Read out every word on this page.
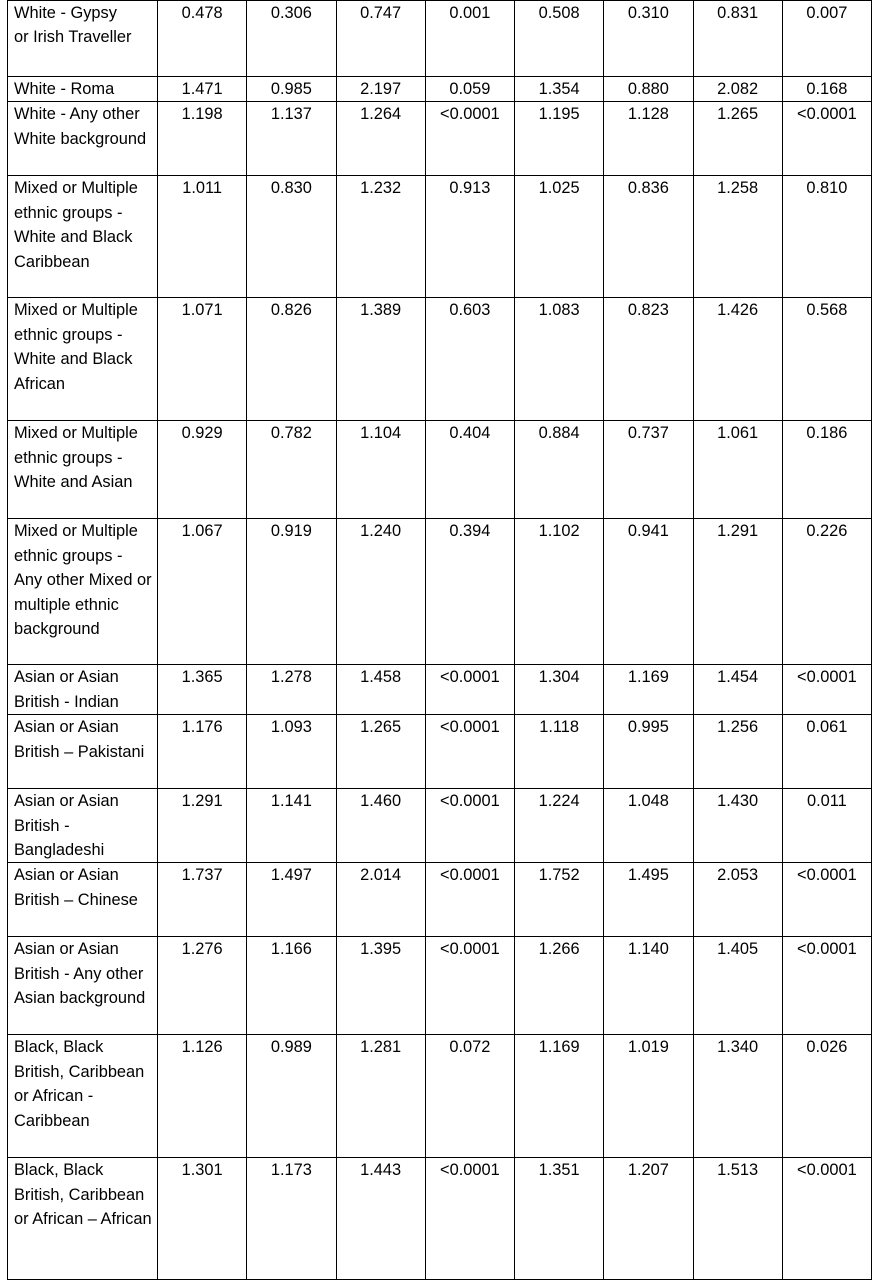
White - Gypsy or Irish Traveller	0.478	0.306	0.747	0.001	0.508	0.310	0.831	0.007
White - Roma	1.471	0.985	2.197	0.059	1.354	0.880	2.082	0.168
White - Any other White background	1.198	1.137	1.264	<0.0001	1.195	1.128	1.265	<0.0001
Mixed or Multiple ethnic groups - White and Black Caribbean	1.011	0.830	1.232	0.913	1.025	0.836	1.258	0.810
Mixed or Multiple ethnic groups - White and Black African	1.071	0.826	1.389	0.603	1.083	0.823	1.426	0.568
Mixed or Multiple ethnic groups - White and Asian	0.929	0.782	1.104	0.404	0.884	0.737	1.061	0.186
Mixed or Multiple ethnic groups - Any other Mixed or multiple ethnic background	1.067	0.919	1.240	0.394	1.102	0.941	1.291	0.226
Asian or Asian British - Indian	1.365	1.278	1.458	<0.0001	1.304	1.169	1.454	<0.0001
Asian or Asian British – Pakistani	1.176	1.093	1.265	<0.0001	1.118	0.995	1.256	0.061
Asian or Asian British - Bangladeshi	1.291	1.141	1.460	<0.0001	1.224	1.048	1.430	0.011
Asian or Asian British – Chinese	1.737	1.497	2.014	<0.0001	1.752	1.495	2.053	<0.0001
Asian or Asian British - Any other Asian background	1.276	1.166	1.395	<0.0001	1.266	1.140	1.405	<0.0001
Black, Black British, Caribbean or African - Caribbean	1.126	0.989	1.281	0.072	1.169	1.019	1.340	0.026
Black, Black British, Caribbean or African – African	1.301	1.173	1.443	<0.0001	1.351	1.207	1.513	<0.0001
